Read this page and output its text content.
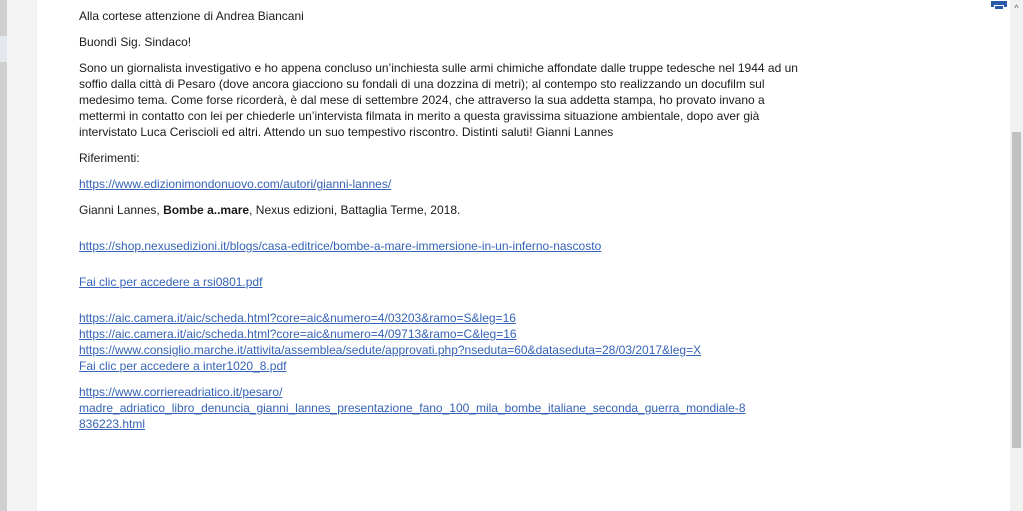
Alla cortese attenzione di Andrea Biancani

Buondì Sig. Sindaco!

Sono un giornalista investigativo e ho appena concluso un’inchiesta sulle armi chimiche affondate dalle truppe tedesche nel 1944 ad un soffio dalla città di Pesaro (dove ancora giacciono su fondali di una dozzina di metri); al contempo sto realizzando un docufilm sul medesimo tema. Come forse ricorderà, è dal mese di settembre 2024, che attraverso la sua addetta stampa, ho provato invano a mettermi in contatto con lei per chiederle un’intervista filmata in merito a questa gravissima situazione ambientale, dopo aver già intervistato Luca Ceriscioli ed altri. Attendo un suo tempestivo riscontro. Distinti saluti! Gianni Lannes

Riferimenti:

https://www.edizionimondonuovo.com/autori/gianni-lannes/

Gianni Lannes, Bombe a..mare, Nexus edizioni, Battaglia Terme, 2018.

https://shop.nexusedizioni.it/blogs/casa-editrice/bombe-a-mare-immersione-in-un-inferno-nascosto

Fai clic per accedere a rsi0801.pdf

https://aic.camera.it/aic/scheda.html?core=aic&numero=4/03203&ramo=S&leg=16
https://aic.camera.it/aic/scheda.html?core=aic&numero=4/09713&ramo=C&leg=16
https://www.consiglio.marche.it/attivita/assemblea/sedute/approvati.php?nseduta=60&dataseduta=28/03/2017&leg=X
Fai clic per accedere a inter1020_8.pdf

https://www.corriereadriatico.it/pesaro/
madre_adriatico_libro_denuncia_gianni_lannes_presentazione_fano_100_mila_bombe_italiane_seconda_guerra_mondiale-8
836223.html

^
